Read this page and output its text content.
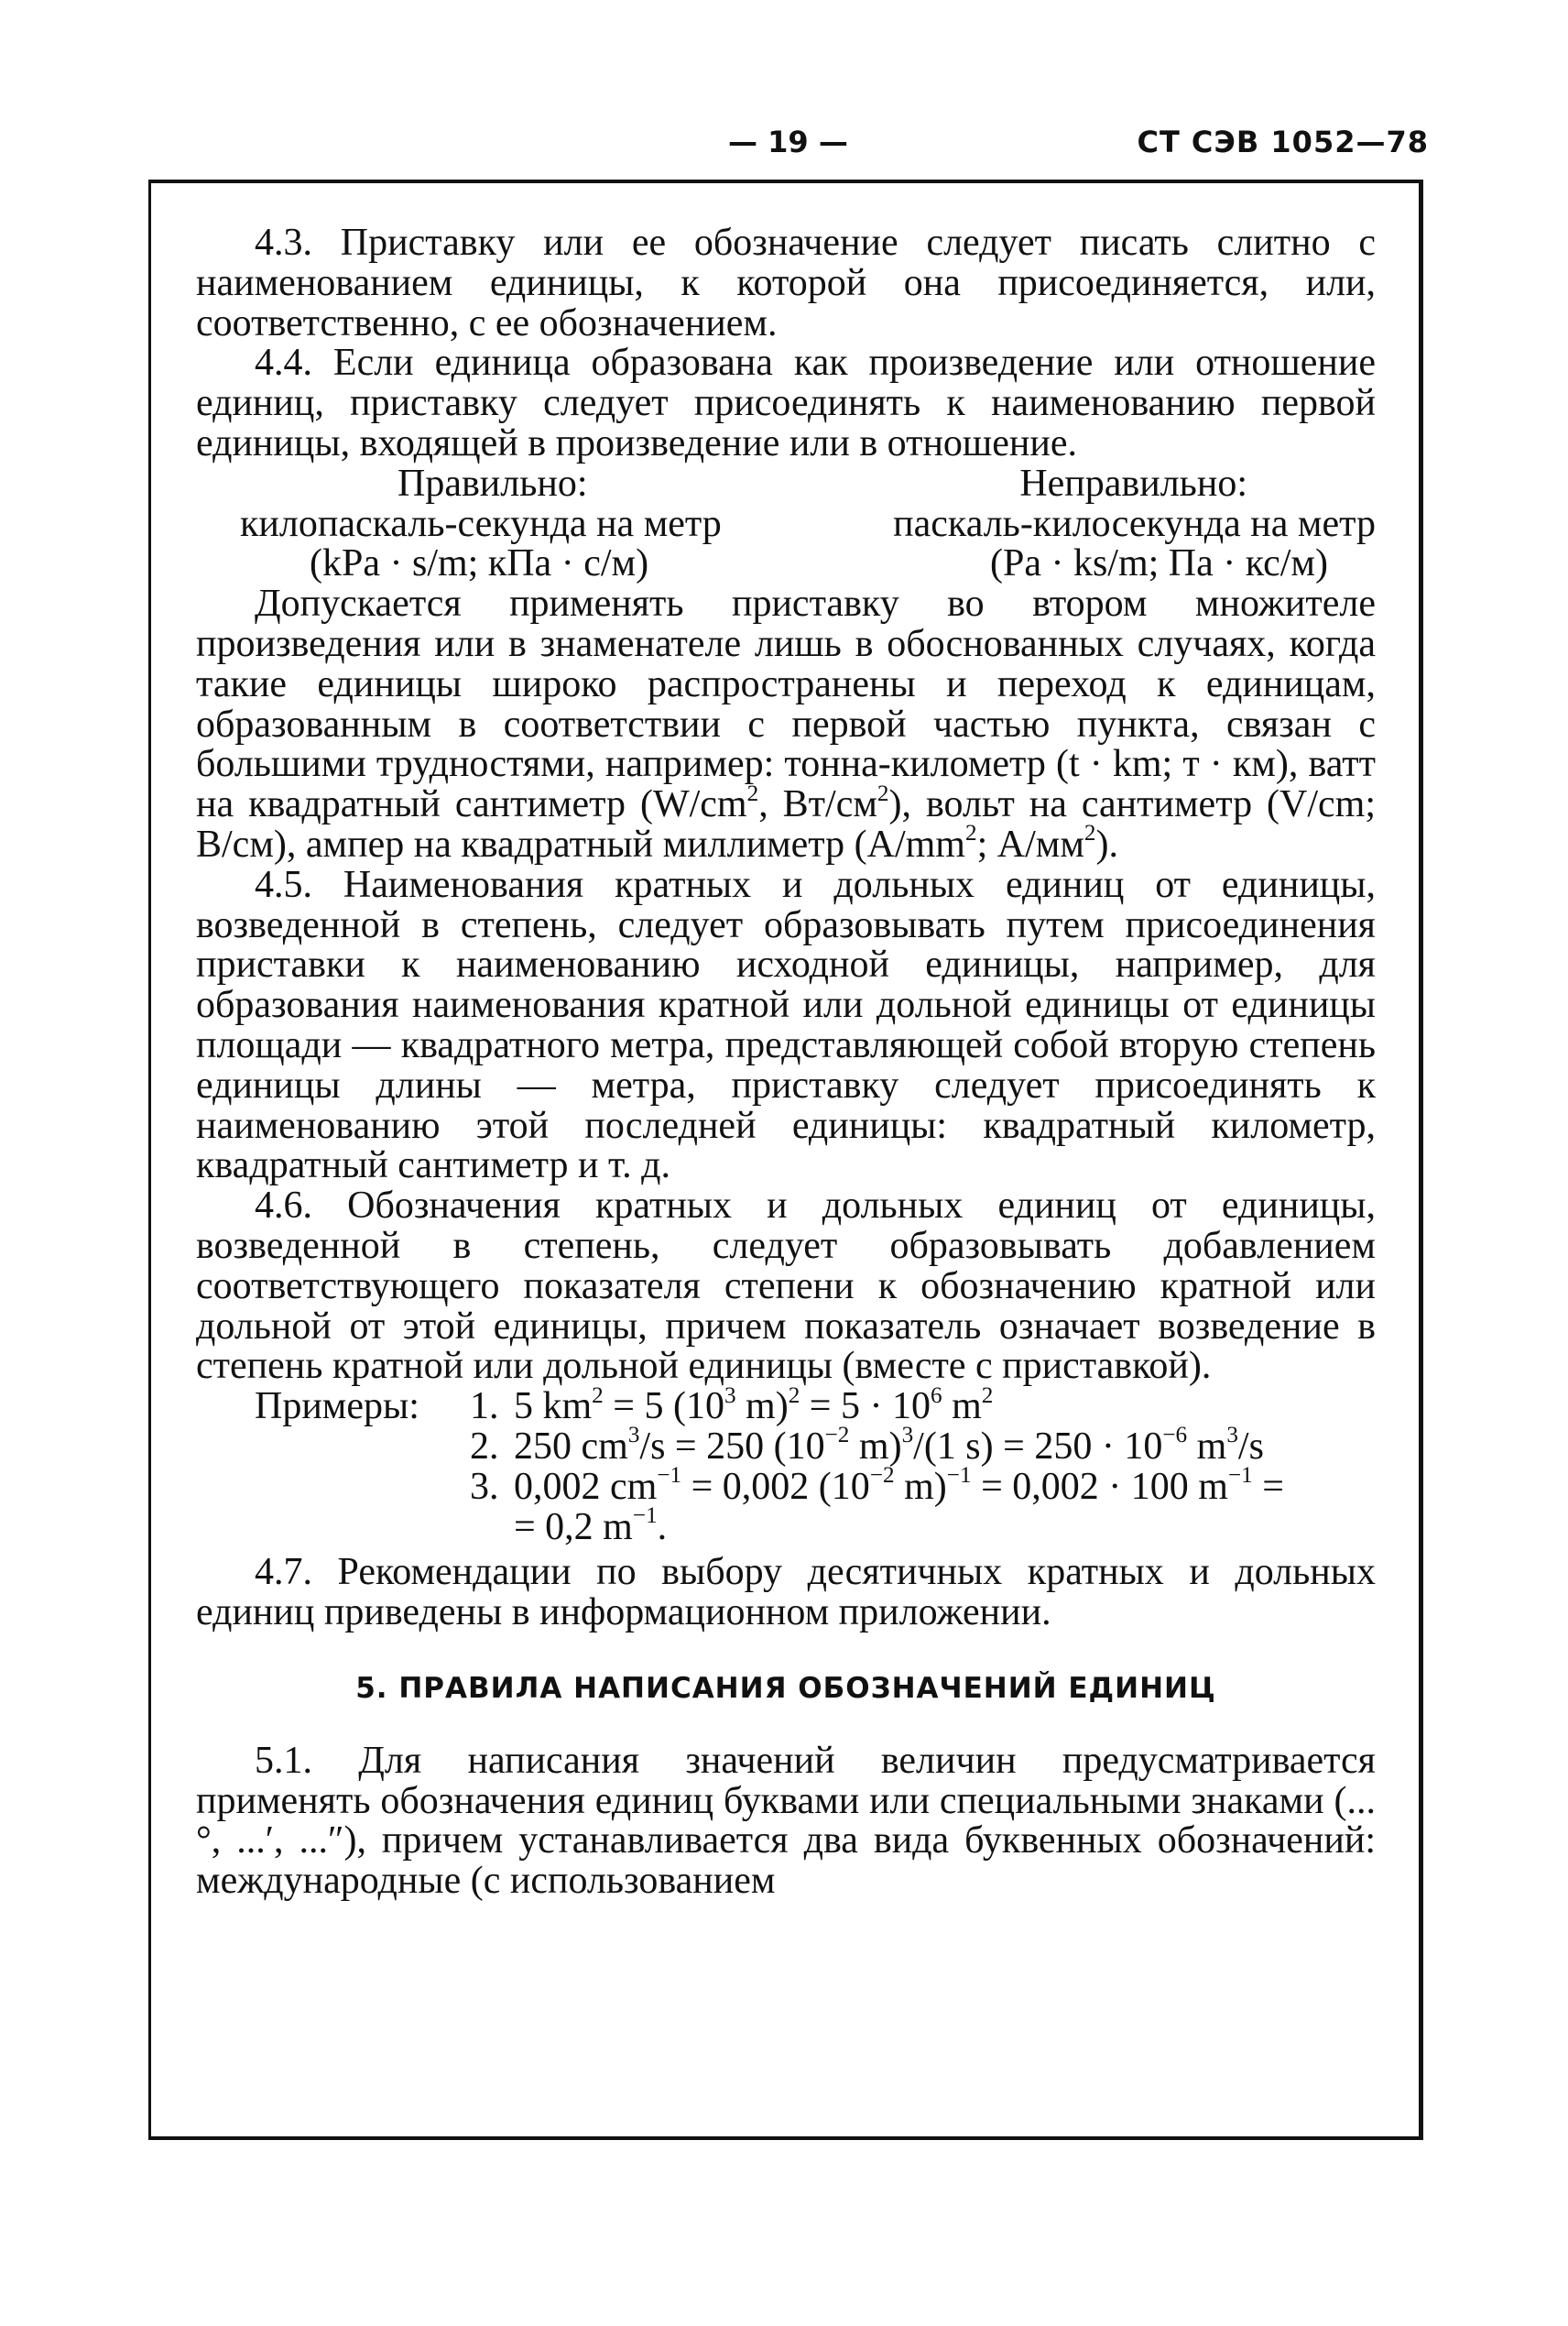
— 19 —	СТ СЭВ 1052—78

4.3. Приставку или ее обозначение следует писать слитно с наименованием единицы, к которой она присоединяется, или, соответственно, с ее обозначением.

4.4. Если единица образована как произведение или отношение единиц, приставку следует присоединять к наименованию первой единицы, входящей в произведение или в отношение.

Правильно:	Неправильно:
килопаскаль-секунда на метр	паскаль-килосекунда на метр
(kPa · s/m; кПа · с/м)	(Pa · ks/m; Па · кс/м)

Допускается применять приставку во втором множителе произведения или в знаменателе лишь в обоснованных случаях, когда такие единицы широко распространены и переход к единицам, образованным в соответствии с первой частью пункта, связан с большими трудностями, например: тонна-километр (t · km; т · км), ватт на квадратный сантиметр ($W/cm^2$, $Вт/см^2$), вольт на сантиметр (V/cm; В/см), ампер на квадратный миллиметр ($A/mm^2$; $А/мм^2$).

4.5. Наименования кратных и дольных единиц от единицы, возведенной в степень, следует образовывать путем присоединения приставки к наименованию исходной единицы, например, для образования наименования кратной или дольной единицы от единицы площади — квадратного метра, представляющей собой вторую степень единицы длины — метра, приставку следует присоединять к наименованию этой последней единицы: квадратный километр, квадратный сантиметр и т. д.

4.6. Обозначения кратных и дольных единиц от единицы, возведенной в степень, следует образовывать добавлением соответствующего показателя степени к обозначению кратной или дольной от этой единицы, причем показатель означает возведение в степень кратной или дольной единицы (вместе с приставкой).

Примеры:	1. 5 $km^2 = 5$ ($10^3$ $m)^2 = 5 \cdot 10^6$ $m^2$
2. 250 $cm^3/s = 250$ ($10^{-2}$ m)$^3$/(1 $s) = 250 \cdot 10^{-6}$ $m^3/s$
3. 0,002 $cm^{-1} = 0,002$ ($10^{-2}$ m)$^{-1}$ = 0,002 · 100 $m^{-1}$ =
= 0,2 $m^{-1}$.

4.7. Рекомендации по выбору десятичных кратных и дольных единиц приведены в информационном приложении.

5. ПРАВИЛА НАПИСАНИЯ ОБОЗНАЧЕНИЙ ЕДИНИЦ

5.1. Для написания значений величин предусматривается применять обозначения единиц буквами или специальными знаками (...°, ...′, ...″), причем устанавливается два вида буквенных обозначений: международные (с использованием
